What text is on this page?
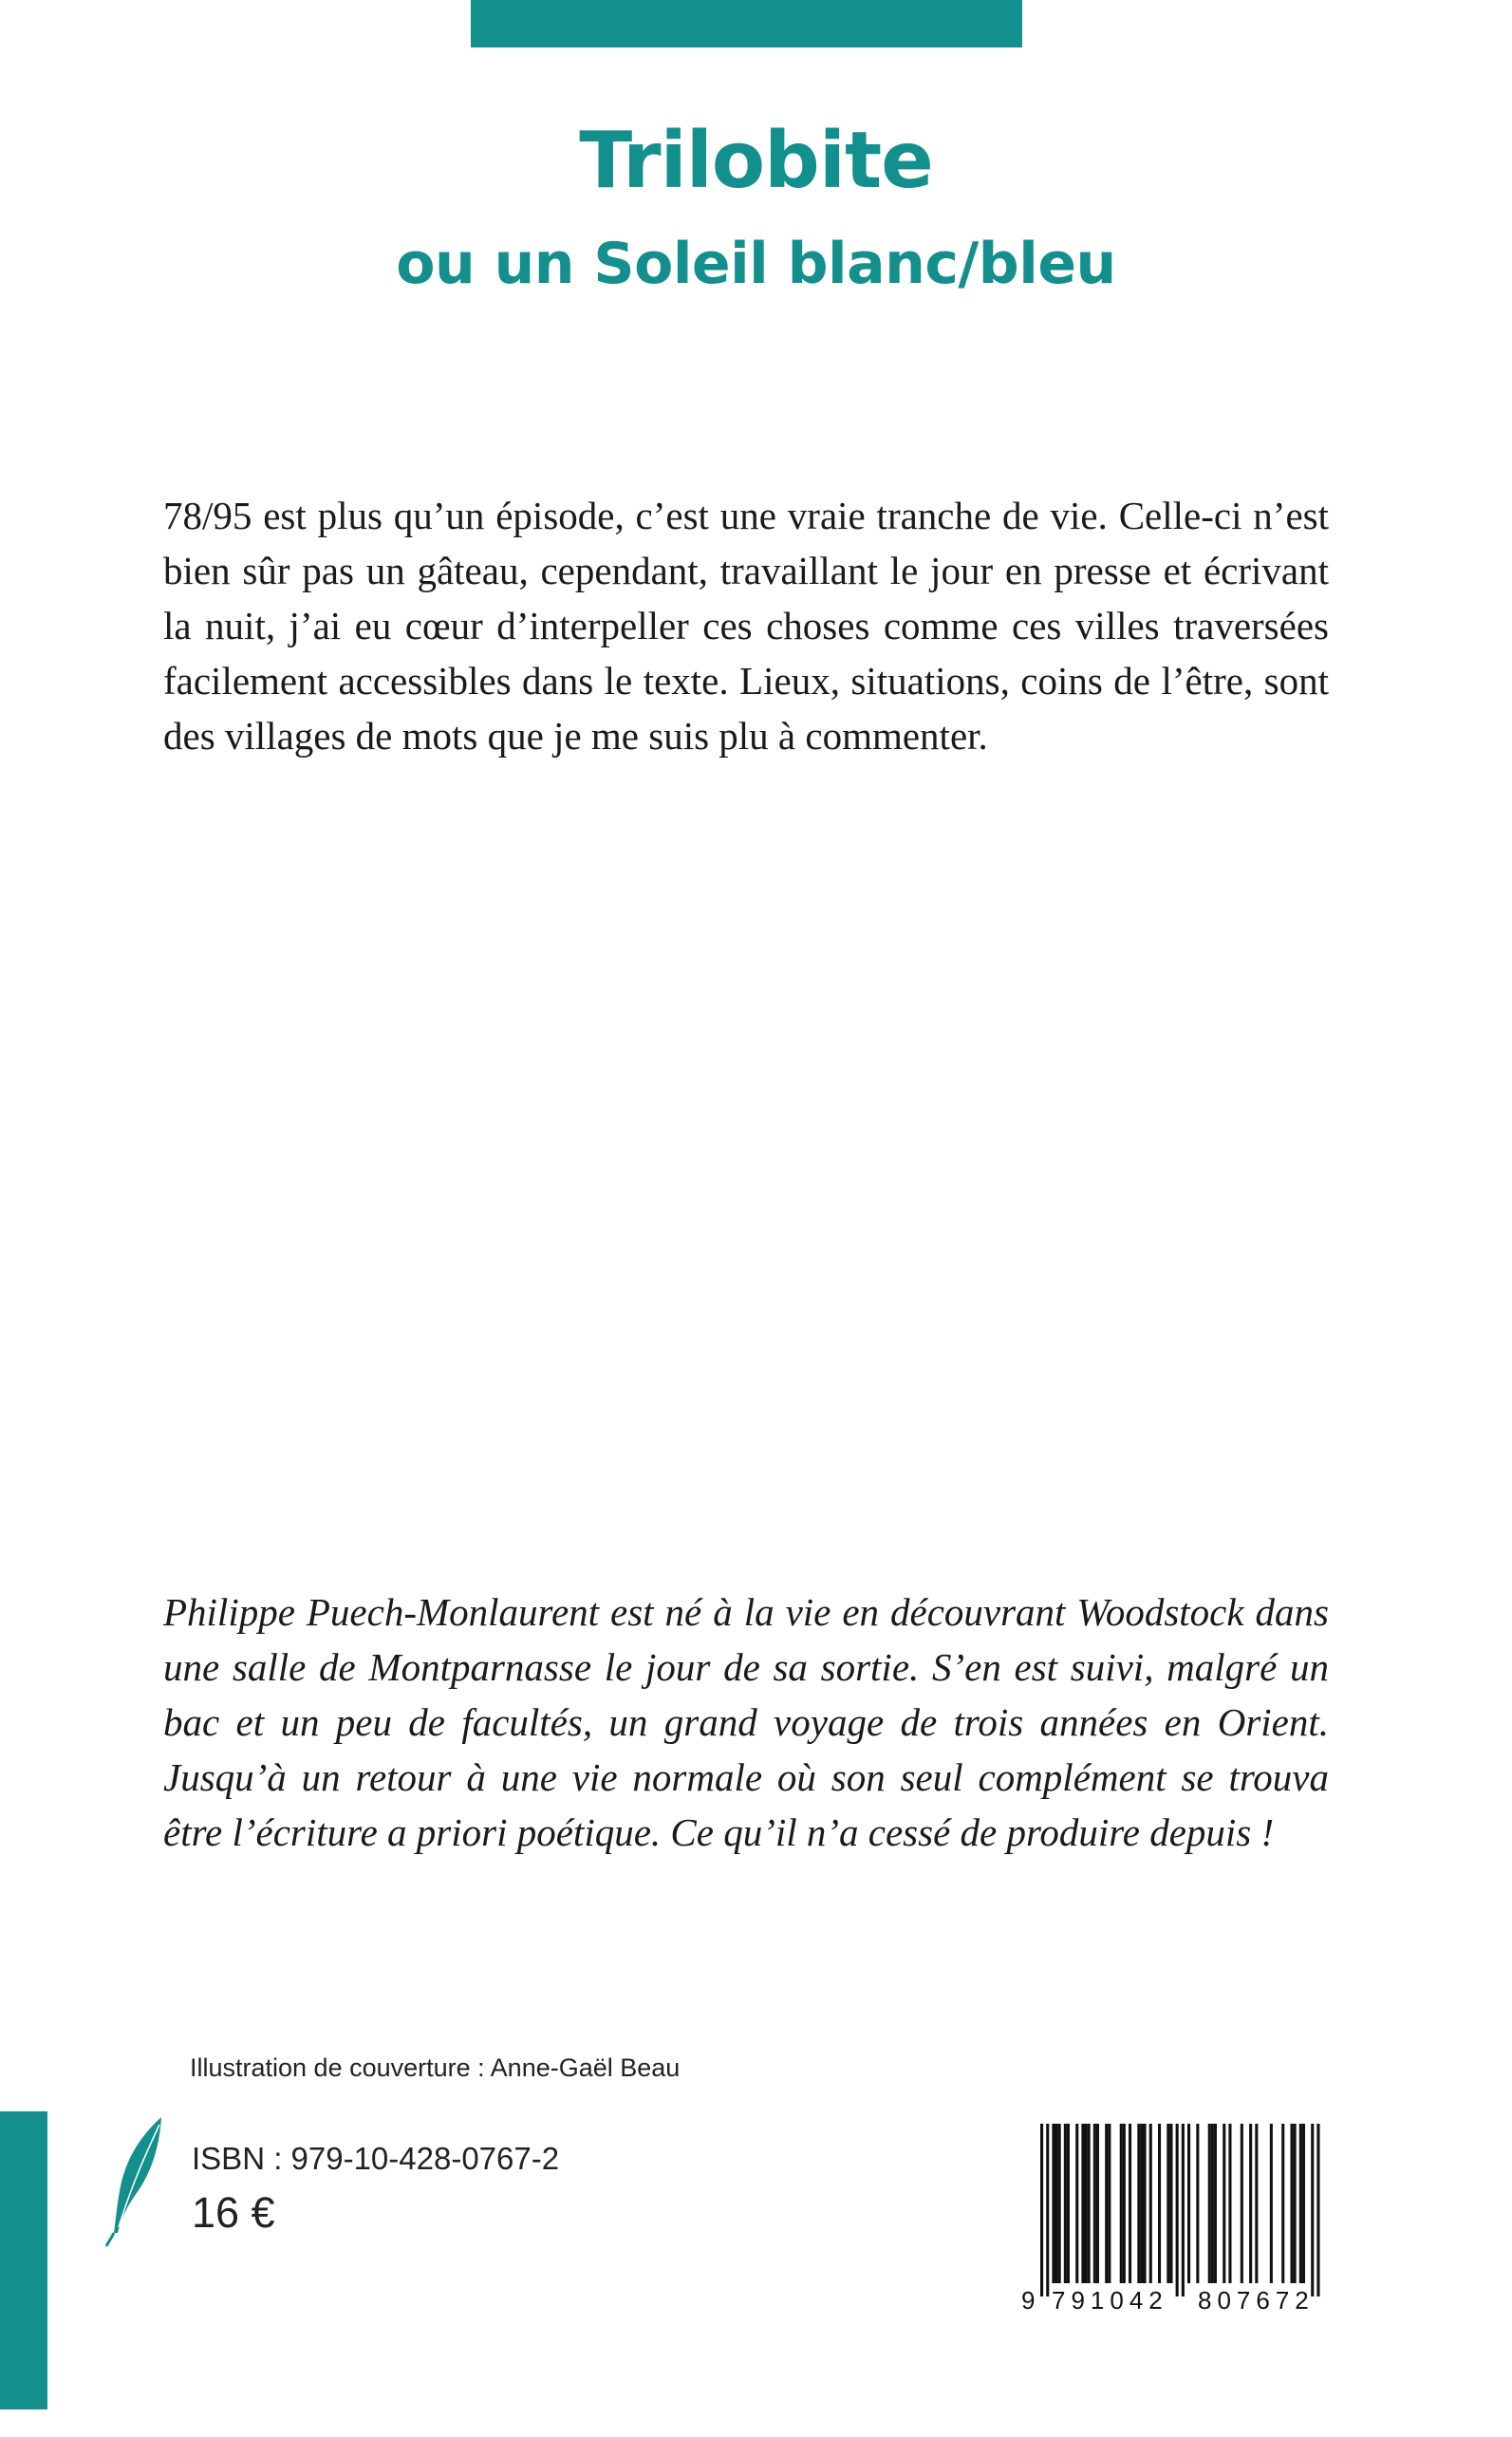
Trilobite
ou un Soleil blanc/bleu

78/95 est plus qu’un épisode, c’est une vraie tranche de vie. Celle-ci n’est bien sûr pas un gâteau, cependant, travaillant le jour en presse et écrivant la nuit, j’ai eu cœur d’interpeller ces choses comme ces villes traversées facilement accessibles dans le texte. Lieux, situations, coins de l’être, sont des villages de mots que je me suis plu à commenter.

Philippe Puech-Monlaurent est né à la vie en découvrant Woodstock dans une salle de Montparnasse le jour de sa sortie. S’en est suivi, malgré un bac et un peu de facultés, un grand voyage de trois années en Orient. Jusqu’à un retour à une vie normale où son seul complément se trouva être l’écriture a priori poétique. Ce qu’il n’a cessé de produire depuis !

Illustration de couverture : Anne-Gaël Beau
ISBN : 979-10-428-0767-2
16 €

9

791042

807672
